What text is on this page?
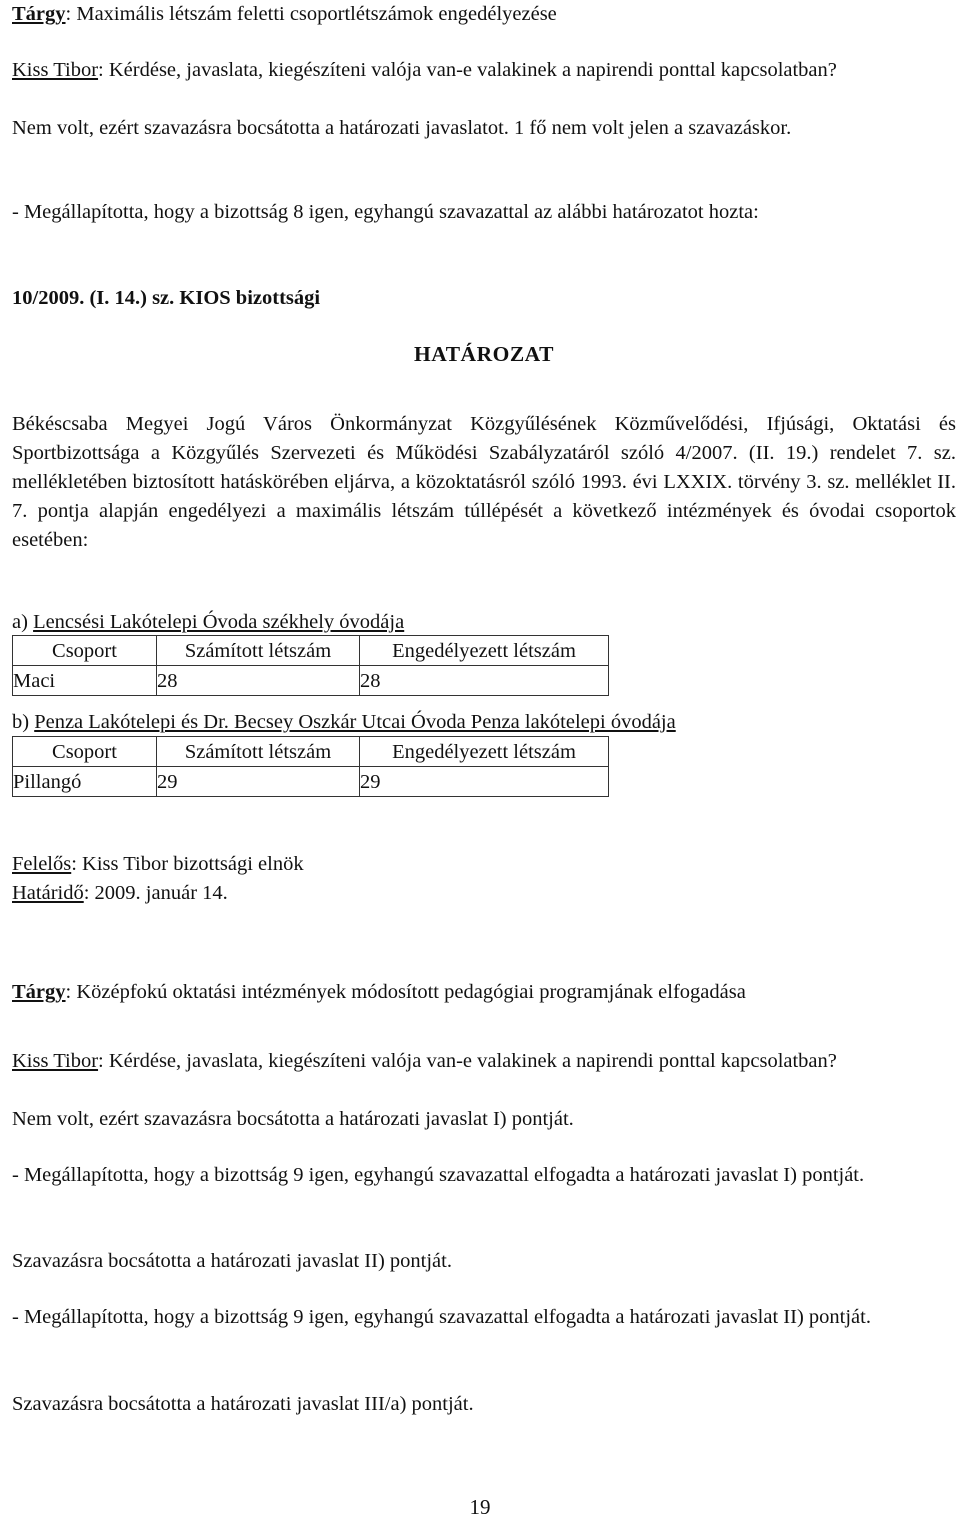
Tárgy: Maximális létszám feletti csoportlétszámok engedélyezése

Kiss Tibor: Kérdése, javaslata, kiegészíteni valója van-e valakinek a napirendi ponttal kapcsolatban?

Nem volt, ezért szavazásra bocsátotta a határozati javaslatot. 1 fő nem volt jelen a szavazáskor.

- Megállapította, hogy a bizottság 8 igen, egyhangú szavazattal az alábbi határozatot hozta:

10/2009. (I. 14.) sz. KIOS bizottsági

HATÁROZAT

Békéscsaba Megyei Jogú Város Önkormányzat Közgyűlésének Közművelődési, Ifjúsági, Oktatási és Sportbizottsága a Közgyűlés Szervezeti és Működési Szabályzatáról szóló 4/2007. (II. 19.) rendelet 7. sz. mellékletében biztosított hatáskörében eljárva, a közoktatásról szóló 1993. évi LXXIX. törvény 3. sz. melléklet II. 7. pontja alapján engedélyezi a maximális létszám túllépését a következő intézmények és óvodai csoportok esetében:

a) Lencsési Lakótelepi Óvoda székhely óvodája

Csoport	Számított létszám	Engedélyezett létszám
Maci	28	28

b) Penza Lakótelepi és Dr. Becsey Oszkár Utcai Óvoda Penza lakótelepi óvodája

Csoport	Számított létszám	Engedélyezett létszám
Pillangó	29	29

Felelős: Kiss Tibor bizottsági elnök

Határidő: 2009. január 14.

Tárgy: Középfokú oktatási intézmények módosított pedagógiai programjának elfogadása

Kiss Tibor: Kérdése, javaslata, kiegészíteni valója van-e valakinek a napirendi ponttal kapcsolatban?

Nem volt, ezért szavazásra bocsátotta a határozati javaslat I) pontját.

- Megállapította, hogy a bizottság 9 igen, egyhangú szavazattal elfogadta a határozati javaslat I) pontját.

Szavazásra bocsátotta a határozati javaslat II) pontját.

- Megállapította, hogy a bizottság 9 igen, egyhangú szavazattal elfogadta a határozati javaslat II) pontját.

Szavazásra bocsátotta a határozati javaslat III/a) pontját.

19
